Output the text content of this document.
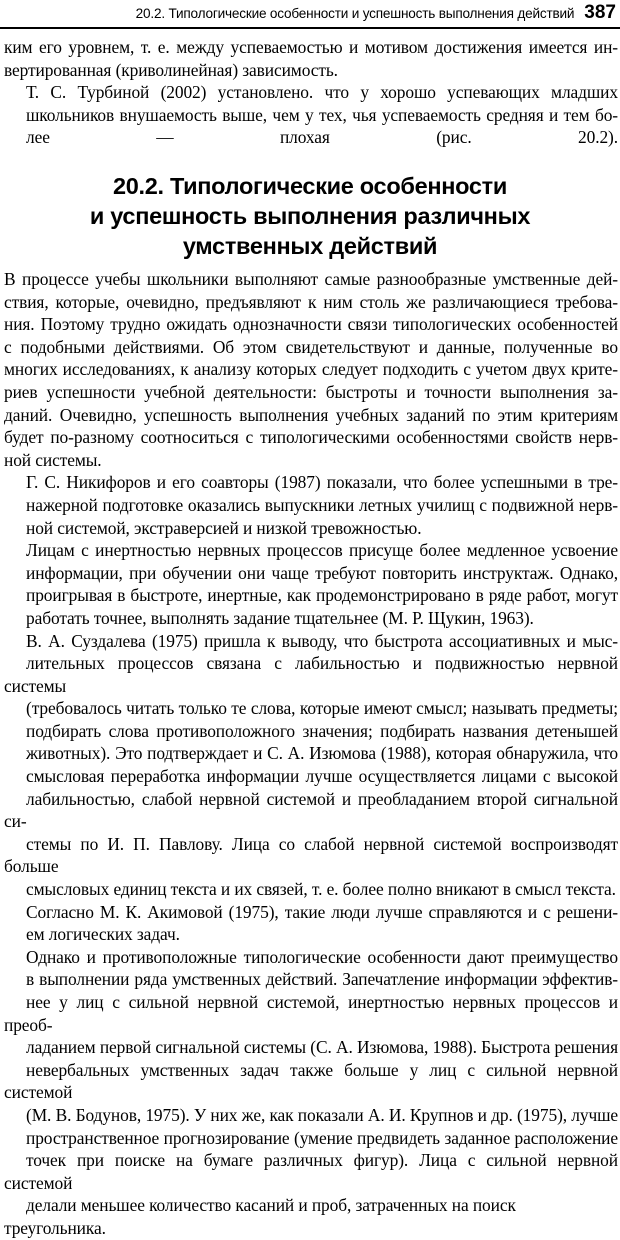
20.2. Типологические особенности и успешность выполнения действий 387

ким его уровнем, т. е. между успеваемостью и мотивом достижения имеется ин-
вертированная (криволинейная) зависимость.

Т. С. Турбиной (2002) установлено. что у хорошо успевающих младших
школьников внушаемость выше, чем у тех, чья успеваемость средняя и тем бо-
лее — плохая (рис. 20.2).

20.2. Типологические особенности
и успешность выполнения различных
умственных действий

В процессе учебы школьники выполняют самые разнообразные умственные дей-
ствия, которые, очевидно, предъявляют к ним столь же различающиеся требова-
ния. Поэтому трудно ожидать однозначности связи типологических особенностей
с подобными действиями. Об этом свидетельствуют и данные, полученные во
многих исследованиях, к анализу которых следует подходить с учетом двух крите-
риев успешности учебной деятельности: быстроты и точности выполнения за-
даний. Очевидно, успешность выполнения учебных заданий по этим критериям
будет по-разному соотноситься с типологическими особенностями свойств нерв-
ной системы.

Г. С. Никифоров и его соавторы (1987) показали, что более успешными в тре-
нажерной подготовке оказались выпускники летных училищ с подвижной нерв-
ной системой, экстраверсией и низкой тревожностью.

Лицам с инертностью нервных процессов присуще более медленное усвоение
информации, при обучении они чаще требуют повторить инструктаж. Однако,
проигрывая в быстроте, инертные, как продемонстрировано в ряде работ, могут
работать точнее, выполнять задание тщательнее (М. Р. Щукин, 1963).

В. А. Суздалева (1975) пришла к выводу, что быстрота ассоциативных и мыс-
лительных процессов связана с лабильностью и подвижностью нервной системы
(требовалось читать только те слова, которые имеют смысл; называть предметы;
подбирать слова противоположного значения; подбирать названия детенышей
животных). Это подтверждает и С. А. Изюмова (1988), которая обнаружила, что
смысловая переработка информации лучше осуществляется лицами с высокой
лабильностью, слабой нервной системой и преобладанием второй сигнальной си-
стемы по И. П. Павлову. Лица со слабой нервной системой воспроизводят больше
смысловых единиц текста и их связей, т. е. более полно вникают в смысл текста.

Согласно М. К. Акимовой (1975), такие люди лучше справляются и с решени-
ем логических задач.

Однако и противоположные типологические особенности дают преимущество
в выполнении ряда умственных действий. Запечатление информации эффектив-
нее у лиц с сильной нервной системой, инертностью нервных процессов и преоб-
ладанием первой сигнальной системы (С. А. Изюмова, 1988). Быстрота решения
невербальных умственных задач также больше у лиц с сильной нервной системой
(М. В. Бодунов, 1975). У них же, как показали А. И. Крупнов и др. (1975), лучше
пространственное прогнозирование (умение предвидеть заданное расположение
точек при поиске на бумаге различных фигур). Лица с сильной нервной системой
делали меньшее количество касаний и проб, затраченных на поиск треугольника.
